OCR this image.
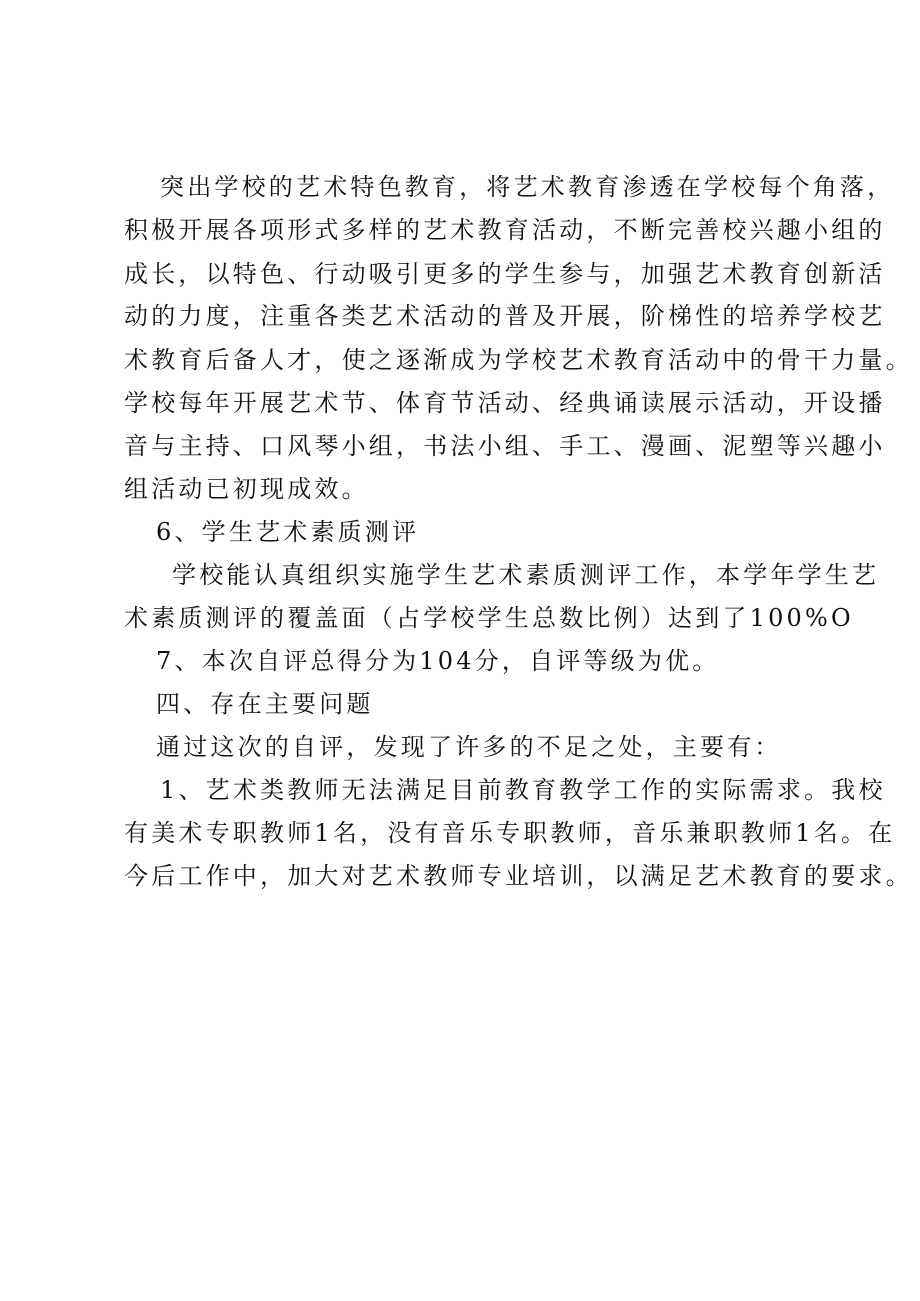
突出学校的艺术特色教育，将艺术教育渗透在学校每个角落，
积极开展各项形式多样的艺术教育活动，不断完善校兴趣小组的
成长，以特色、行动吸引更多的学生参与，加强艺术教育创新活
动的力度，注重各类艺术活动的普及开展，阶梯性的培养学校艺
术教育后备人才，使之逐渐成为学校艺术教育活动中的骨干力量。
学校每年开展艺术节、体育节活动、经典诵读展示活动，开设播
音与主持、口风琴小组，书法小组、手工、漫画、泥塑等兴趣小
组活动已初现成效。
6、学生艺术素质测评
学校能认真组织实施学生艺术素质测评工作，本学年学生艺
术素质测评的覆盖面（占学校学生总数比例）达到了100%O
7、本次自评总得分为104分，自评等级为优。
四、存在主要问题
通过这次的自评，发现了许多的不足之处，主要有：
1、艺术类教师无法满足目前教育教学工作的实际需求。我校
有美术专职教师1名，没有音乐专职教师，音乐兼职教师1名。在
今后工作中，加大对艺术教师专业培训，以满足艺术教育的要求。
